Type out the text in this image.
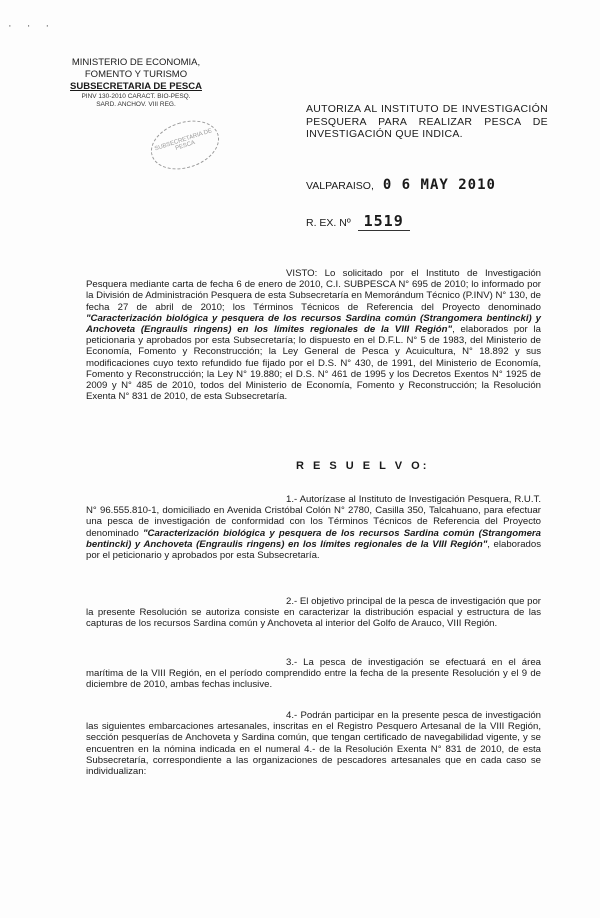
· · ·
MINISTERIO DE ECONOMIA,
FOMENTO Y TURISMO
SUBSECRETARIA DE PESCA
PINV 130-2010 CARACT. BIO-PESQ.
SARD. ANCHOV. VIII REG.
SUBSECRETARIA DE PESCA
AUTORIZA AL INSTITUTO DE INVESTIGACIÓN PESQUERA PARA REALIZAR PESCA DE INVESTIGACIÓN QUE INDICA.
VALPARAISO, 0 6 MAY 2010
R. EX. Nº 1519
VISTO: Lo solicitado por el Instituto de Investigación Pesquera mediante carta de fecha 6 de enero de 2010, C.I. SUBPESCA N° 695 de 2010; lo informado por la División de Administración Pesquera de esta Subsecretaría en Memorándum Técnico (P.INV) N° 130, de fecha 27 de abril de 2010; los Términos Técnicos de Referencia del Proyecto denominado "Caracterización biológica y pesquera de los recursos Sardina común (Strangomera bentincki) y Anchoveta (Engraulis ringens) en los límites regionales de la VIII Región", elaborados por la peticionaria y aprobados por esta Subsecretaría; lo dispuesto en el D.F.L. N° 5 de 1983, del Ministerio de Economía, Fomento y Reconstrucción; la Ley General de Pesca y Acuicultura, N° 18.892 y sus modificaciones cuyo texto refundido fue fijado por el D.S. N° 430, de 1991, del Ministerio de Economía, Fomento y Reconstrucción; la Ley N° 19.880; el D.S. N° 461 de 1995 y los Decretos Exentos N° 1925 de 2009 y N° 485 de 2010, todos del Ministerio de Economía, Fomento y Reconstrucción; la Resolución Exenta N° 831 de 2010, de esta Subsecretaría.
R E S U E L V O:
1.- Autorízase al Instituto de Investigación Pesquera, R.U.T. N° 96.555.810-1, domiciliado en Avenida Cristóbal Colón N° 2780, Casilla 350, Talcahuano, para efectuar una pesca de investigación de conformidad con los Términos Técnicos de Referencia del Proyecto denominado "Caracterización biológica y pesquera de los recursos Sardina común (Strangomera bentincki) y Anchoveta (Engraulis ringens) en los límites regionales de la VIII Región", elaborados por el peticionario y aprobados por esta Subsecretaría.
2.- El objetivo principal de la pesca de investigación que por la presente Resolución se autoriza consiste en caracterizar la distribución espacial y estructura de las capturas de los recursos Sardina común y Anchoveta al interior del Golfo de Arauco, VIII Región.
3.- La pesca de investigación se efectuará en el área marítima de la VIII Región, en el período comprendido entre la fecha de la presente Resolución y el 9 de diciembre de 2010, ambas fechas inclusive.
4.- Podrán participar en la presente pesca de investigación las siguientes embarcaciones artesanales, inscritas en el Registro Pesquero Artesanal de la VIII Región, sección pesquerías de Anchoveta y Sardina común, que tengan certificado de navegabilidad vigente, y se encuentren en la nómina indicada en el numeral 4.- de la Resolución Exenta N° 831 de 2010, de esta Subsecretaría, correspondiente a las organizaciones de pescadores artesanales que en cada caso se individualizan:
